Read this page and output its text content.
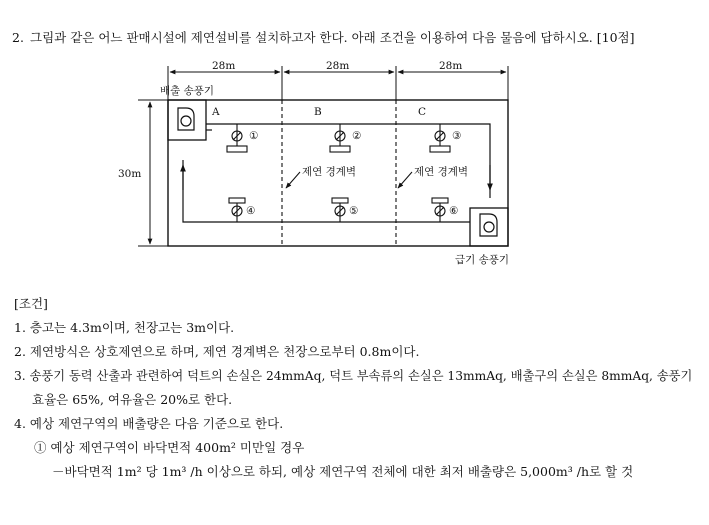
2. 그림과 같은 어느 판매시설에 제연설비를 설치하고자 한다. 아래 조건을 이용하여 다음 물음에 답하시오. [10점]
28m	28m	28m
30m
배출 송풍기
급기 송풍기
A	B	C
제연 경계벽	제연 경계벽
①	②	③
④	⑤	⑥
[조건]
1. 층고는 4.3m이며, 천장고는 3m이다.
2. 제연방식은 상호제연으로 하며, 제연 경계벽은 천장으로부터 0.8m이다.
3. 송풍기 동력 산출과 관련하여 덕트의 손실은 24mmAq, 덕트 부속류의 손실은 13mmAq, 배출구의 손실은 8mmAq, 송풍기
효율은 65%, 여유율은 20%로 한다.
4. 예상 제연구역의 배출량은 다음 기준으로 한다.
① 예상 제연구역이 바닥면적 400m² 미만일 경우
－바닥면적 1m² 당 1m³ /h 이상으로 하되, 예상 제연구역 전체에 대한 최저 배출량은 5,000m³ /h로 할 것
